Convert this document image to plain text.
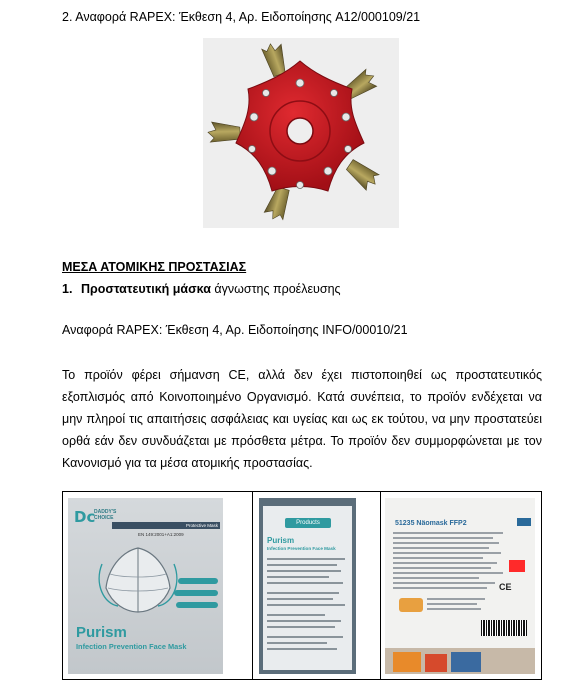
2. Αναφορά RAPEX: Έκθεση 4, Αρ. Ειδοποίησης A12/000109/21
ΜΕΣΑ ΑΤΟΜΙΚΗΣ ΠΡΟΣΤΑΣΙΑΣ
1. Προστατευτική μάσκα άγνωστης προέλευσης
Αναφορά RAPEX: Έκθεση 4, Αρ. Ειδοποίησης INFO/00010/21
Το προϊόν φέρει σήμανση CE, αλλά δεν έχει πιστοποιηθεί ως προστατευτικός εξοπλισμός από Κοινοποιημένο Οργανισμό. Κατά συνέπεια, το προϊόν ενδέχεται να μην πληροί τις απαιτήσεις ασφάλειας και υγείας και ως εκ τούτου, να μην προστατεύει ορθά εάν δεν συνδυάζεται με πρόσθετα μέτρα. Το προϊόν δεν συμμορφώνεται με τον Κανονισμό για τα μέσα ατομικής προστασίας.
Dc
DADDY'S CHOICE
Protective Mask
EN 149:2001+A1:2009
Purism
Infection Prevention Face Mask
Products
Purism
Infection Prevention Face Mask
51235 Näomask FFP2
CE
